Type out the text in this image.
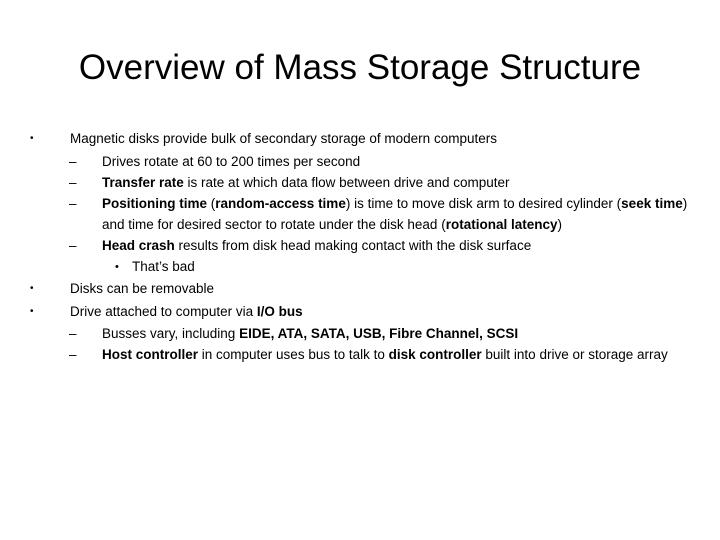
Overview of Mass Storage Structure
•	Magnetic disks provide bulk of secondary storage of modern computers
– Drives rotate at 60 to 200 times per second
– Transfer rate is rate at which data flow between drive and computer
– Positioning time (random-access time) is time to move disk arm to desired cylinder (seek time) and time for desired sector to rotate under the disk head (rotational latency)
– Head crash results from disk head making contact with the disk surface
• That’s bad
•	Disks can be removable
•	Drive attached to computer via I/O bus
– Busses vary, including EIDE, ATA, SATA, USB, Fibre Channel, SCSI
– Host controller in computer uses bus to talk to disk controller built into drive or storage array
